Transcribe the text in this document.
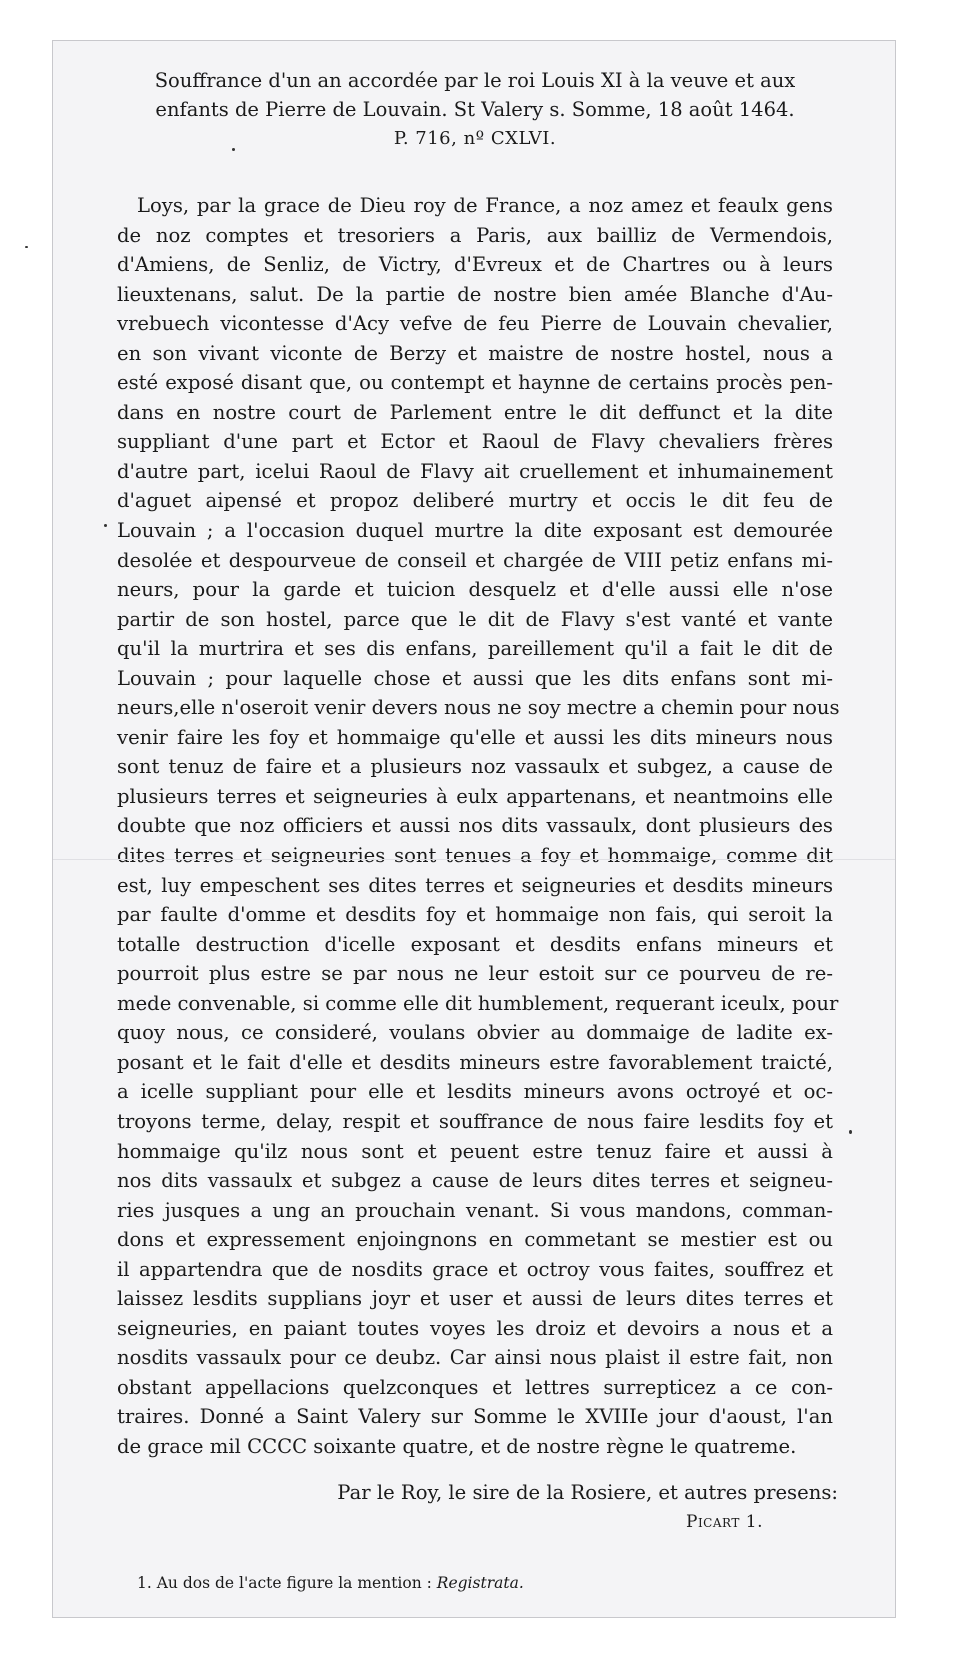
Souffrance d'un an accordée par le roi Louis XI à la veuve et aux
enfants de Pierre de Louvain. St Valery s. Somme, 18 août 1464.
P. 716, nº CXLVI.
Loys, par la grace de Dieu roy de France, a noz amez et feaulx gens
de noz comptes et tresoriers a Paris, aux bailliz de Vermendois,
d'Amiens, de Senliz, de Victry, d'Evreux et de Chartres ou à leurs
lieuxtenans, salut. De la partie de nostre bien amée Blanche d'Au-
vrebuech vicontesse d'Acy vefve de feu Pierre de Louvain chevalier,
en son vivant viconte de Berzy et maistre de nostre hostel, nous a
esté exposé disant que, ou contempt et haynne de certains procès pen-
dans en nostre court de Parlement entre le dit deffunct et la dite
suppliant d'une part et Ector et Raoul de Flavy chevaliers frères
d'autre part, icelui Raoul de Flavy ait cruellement et inhumainement
d'aguet aipensé et propoz deliberé murtry et occis le dit feu de
Louvain ; a l'occasion duquel murtre la dite exposant est demourée
desolée et despourveue de conseil et chargée de VIII petiz enfans mi-
neurs, pour la garde et tuicion desquelz et d'elle aussi elle n'ose
partir de son hostel, parce que le dit de Flavy s'est vanté et vante
qu'il la murtrira et ses dis enfans, pareillement qu'il a fait le dit de
Louvain ; pour laquelle chose et aussi que les dits enfans sont mi-
neurs,elle n'oseroit venir devers nous ne soy mectre a chemin pour nous
venir faire les foy et hommaige qu'elle et aussi les dits mineurs nous
sont tenuz de faire et a plusieurs noz vassaulx et subgez, a cause de
plusieurs terres et seigneuries à eulx appartenans, et neantmoins elle
doubte que noz officiers et aussi nos dits vassaulx, dont plusieurs des
dites terres et seigneuries sont tenues a foy et hommaige, comme dit
est, luy empeschent ses dites terres et seigneuries et desdits mineurs
par faulte d'omme et desdits foy et hommaige non fais, qui seroit la
totalle destruction d'icelle exposant et desdits enfans mineurs et
pourroit plus estre se par nous ne leur estoit sur ce pourveu de re-
mede convenable, si comme elle dit humblement, requerant iceulx, pour
quoy nous, ce consideré, voulans obvier au dommaige de ladite ex-
posant et le fait d'elle et desdits mineurs estre favorablement traicté,
a icelle suppliant pour elle et lesdits mineurs avons octroyé et oc-
troyons terme, delay, respit et souffrance de nous faire lesdits foy et
hommaige qu'ilz nous sont et peuent estre tenuz faire et aussi à
nos dits vassaulx et subgez a cause de leurs dites terres et seigneu-
ries jusques a ung an prouchain venant. Si vous mandons, comman-
dons et expressement enjoingnons en commetant se mestier est ou
il appartendra que de nosdits grace et octroy vous faites, souffrez et
laissez lesdits supplians joyr et user et aussi de leurs dites terres et
seigneuries, en paiant toutes voyes les droiz et devoirs a nous et a
nosdits vassaulx pour ce deubz. Car ainsi nous plaist il estre fait, non
obstant appellacions quelzconques et lettres surrepticez a ce con-
traires. Donné a Saint Valery sur Somme le XVIIIe jour d'aoust, l'an
de grace mil CCCC soixante quatre, et de nostre règne le quatreme.
Par le Roy, le sire de la Rosiere, et autres presens:
Picart 1.
1. Au dos de l'acte figure la mention : Registrata.
